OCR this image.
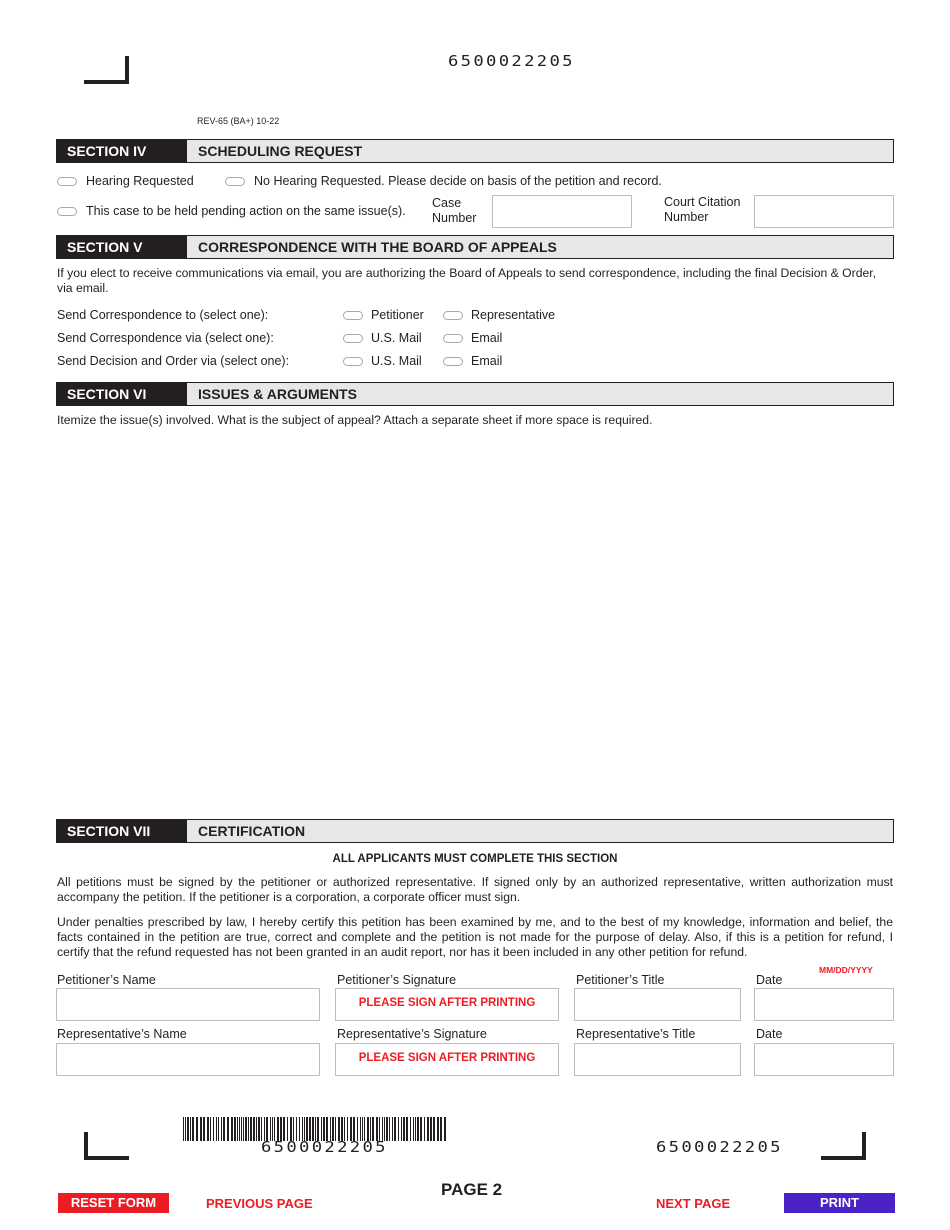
6500022205
REV-65 (BA+) 10-22
SECTION IV	SCHEDULING REQUEST
Hearing Requested	No Hearing Requested. Please decide on basis of the petition and record.
This case to be held pending action on the same issue(s).
Case
Number
Court Citation
Number
SECTION V	CORRESPONDENCE WITH THE BOARD OF APPEALS
If you elect to receive communications via email, you are authorizing the Board of Appeals to send correspondence, including the final Decision & Order,
via email.
Send Correspondence to (select one):	Petitioner	Representative
Send Correspondence via (select one):	U.S. Mail	Email
Send Decision and Order via (select one):	U.S. Mail	Email
SECTION VI	ISSUES & ARGUMENTS
Itemize the issue(s) involved. What is the subject of appeal? Attach a separate sheet if more space is required.
SECTION VII	CERTIFICATION
ALL APPLICANTS MUST COMPLETE THIS SECTION
All petitions must be signed by the petitioner or authorized representative. If signed only by an authorized representative, written authorization must accompany the petition. If the petitioner is a corporation, a corporate officer must sign.
Under penalties prescribed by law, I hereby certify this petition has been examined by me, and to the best of my knowledge, information and belief, the facts contained in the petition are true, correct and complete and the petition is not made for the purpose of delay. Also, if this is a petition for refund, I certify that the refund requested has not been granted in an audit report, nor has it been included in any other petition for refund.
MM/DD/YYYY
Petitioner’s Name	Petitioner’s Signature	Petitioner’s Title	Date
PLEASE SIGN AFTER PRINTING
Representative’s Name	Representative’s Signature	Representative’s Title	Date
PLEASE SIGN AFTER PRINTING
6500022205	6500022205
PAGE 2
RESET FORM	PREVIOUS PAGE	NEXT PAGE	PRINT
